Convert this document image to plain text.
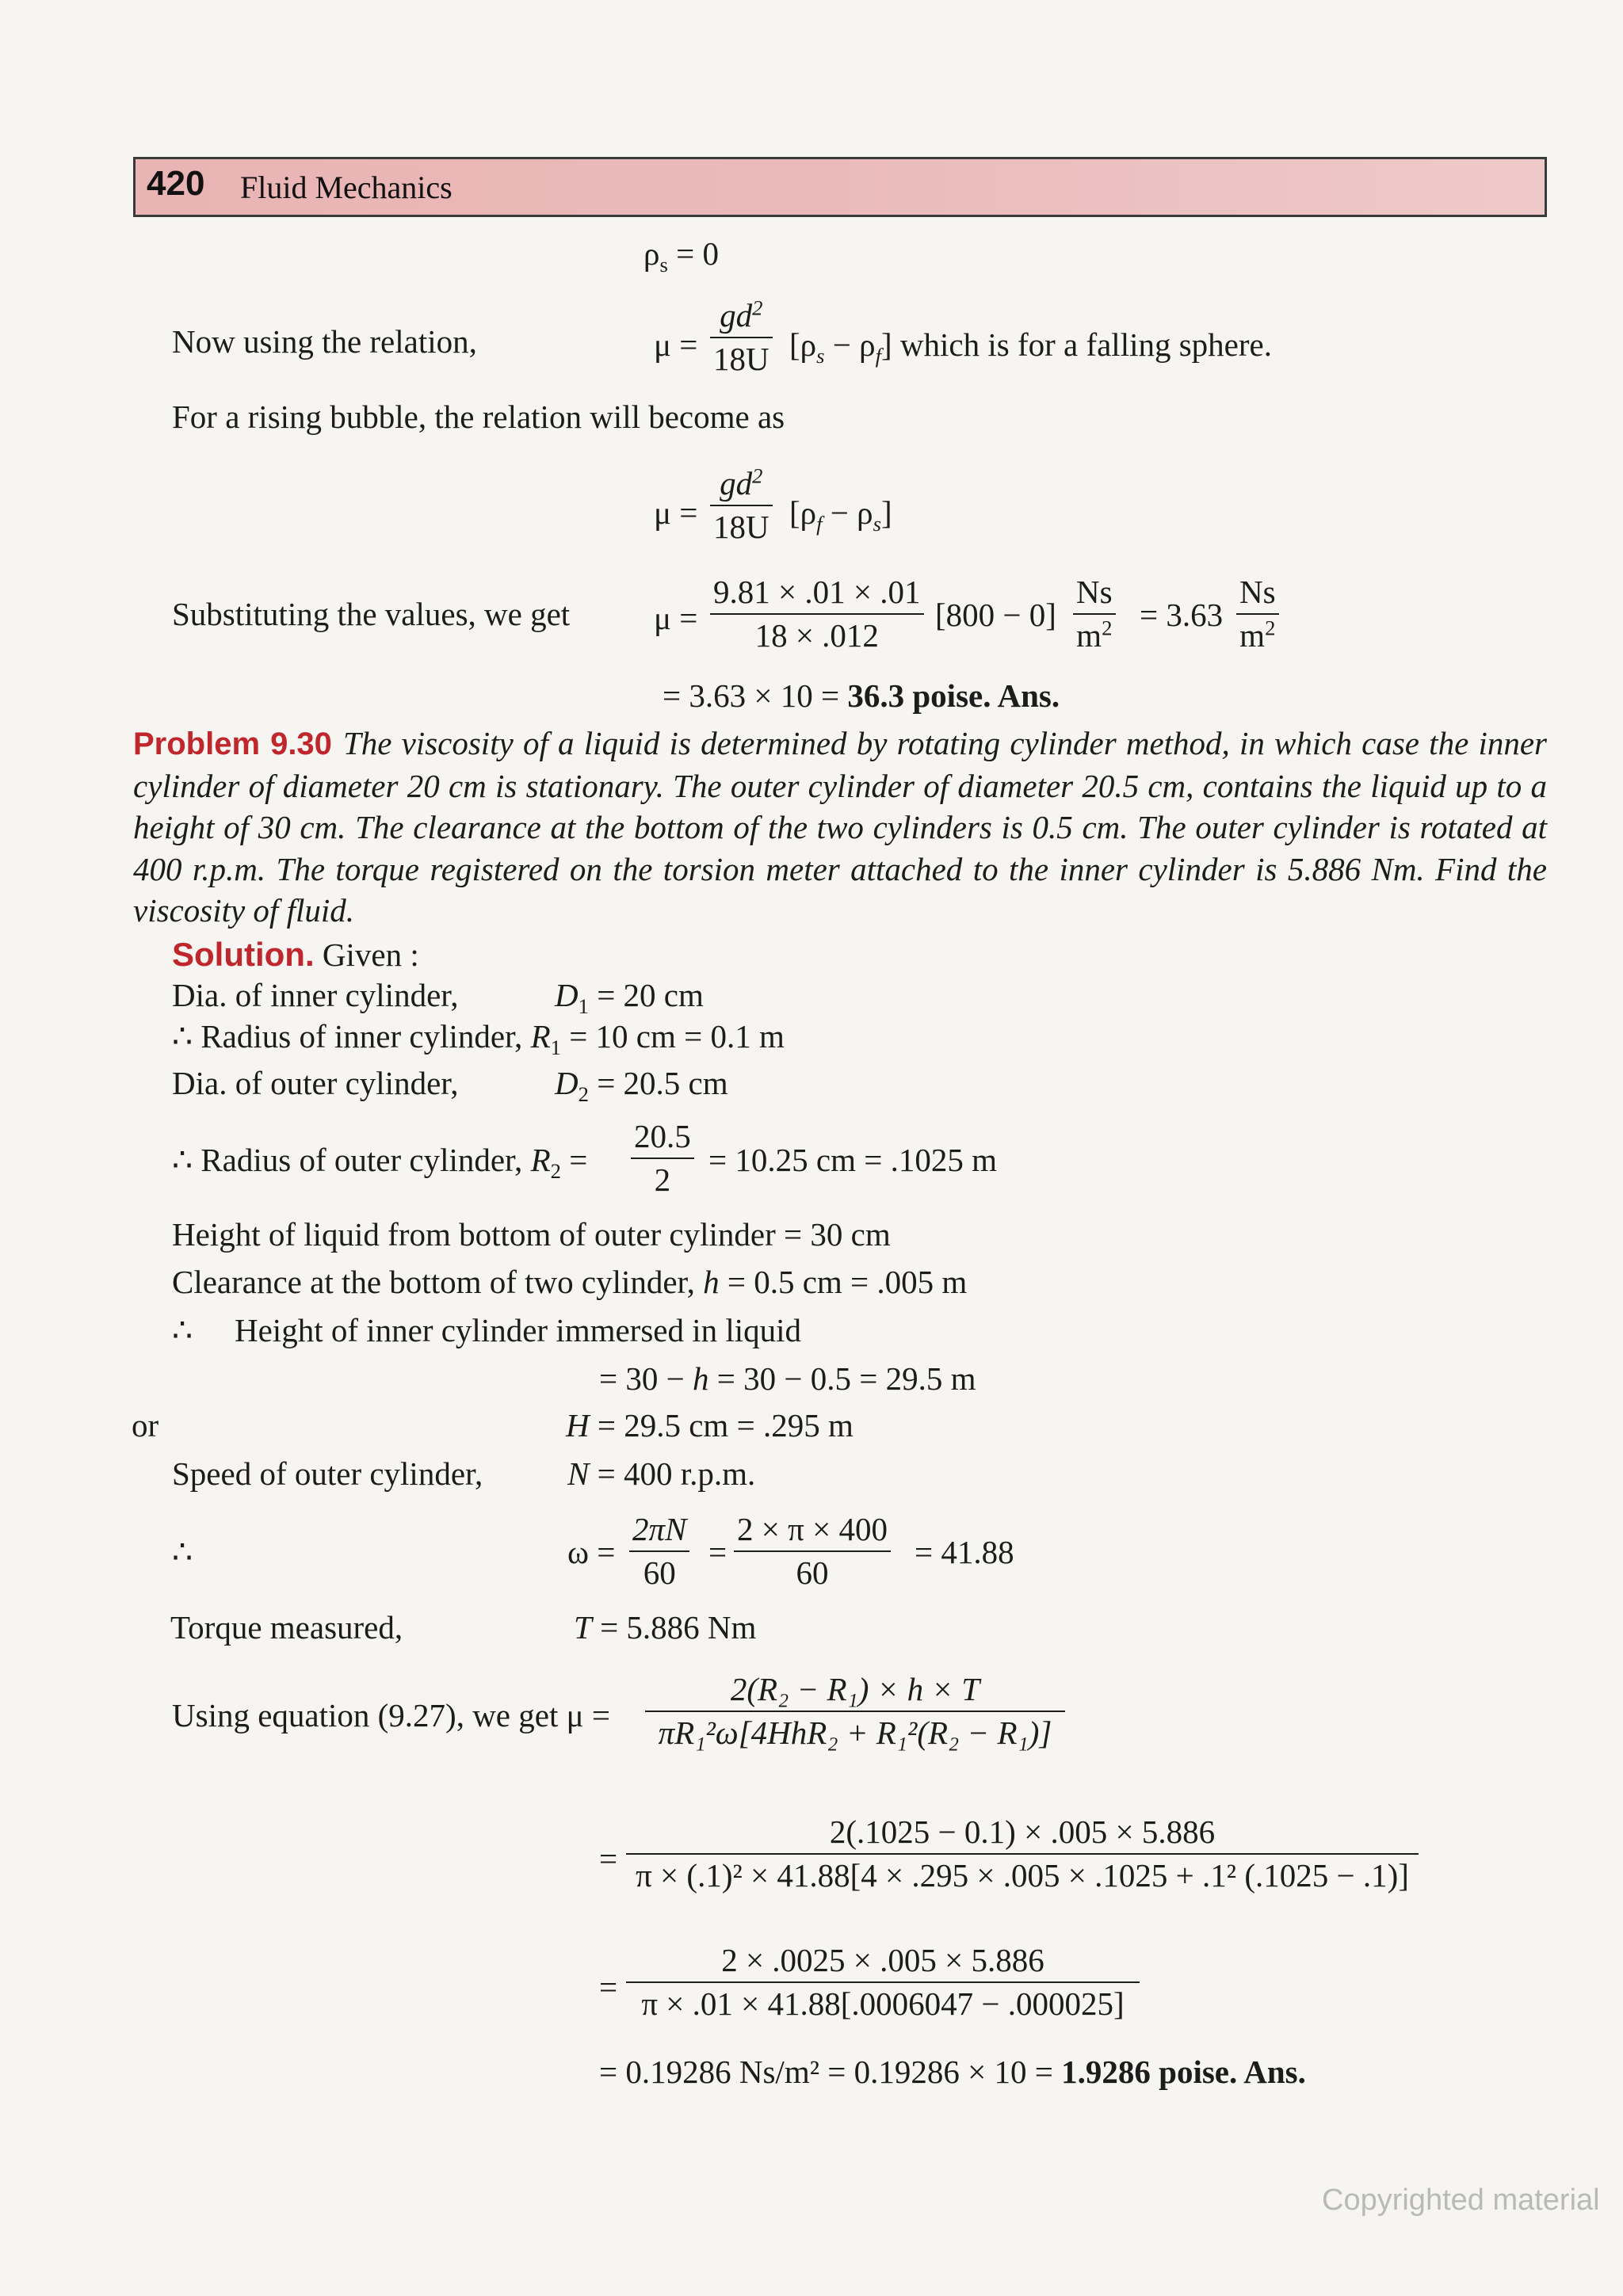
420 Fluid Mechanics
$\rho_s = 0$
Now using the relation,	$\mu = \frac{gd^2}{18U} [\rho_s - \rho_f]$ which is for a falling sphere.
For a rising bubble, the relation will become as
$\mu = \frac{gd^2}{18U} [\rho_f - \rho_s]$
Substituting the values, we get	$\mu = \frac{9.81 \times .01 \times .01}{18 \times .012} [800 - 0] \frac{Ns}{m^2} = 3.63 \frac{Ns}{m^2}$
= 3.63 × 10 = 36.3 poise. Ans.
Problem 9.30 The viscosity of a liquid is determined by rotating cylinder method, in which case the inner cylinder of diameter 20 cm is stationary. The outer cylinder of diameter 20.5 cm, contains the liquid up to a height of 30 cm. The clearance at the bottom of the two cylinders is 0.5 cm. The outer cylinder is rotated at 400 r.p.m. The torque registered on the torsion meter attached to the inner cylinder is 5.886 Nm. Find the viscosity of fluid.
Solution. Given :
Dia. of inner cylinder,	$D_1 = 20$ cm
∴ Radius of inner cylinder, $R_1 = 10$ cm = 0.1 m
Dia. of outer cylinder,	$D_2 = 20.5$ cm
∴ Radius of outer cylinder, $R_2 = \frac{20.5}{2} = 10.25$ cm = .1025 m
Height of liquid from bottom of outer cylinder = 30 cm
Clearance at the bottom of two cylinder, h = 0.5 cm = .005 m
∴ Height of inner cylinder immersed in liquid
= 30 − h = 30 − 0.5 = 29.5 m
or	H = 29.5 cm = .295 m
Speed of outer cylinder,	N = 400 r.p.m.
∴	$\omega = \frac{2\pi N}{60} = \frac{2 \times \pi \times 400}{60} = 41.88$
Torque measured,	T = 5.886 Nm
Using equation (9.27), we get μ =
2(R₂ − R₁) × h × T
πR₁²ω[4HhR₂ + R₁²(R₂ − R₁)]
=
2(.1025 − 0.1) × .005 × 5.886
π × (.1)² × 41.88[4 × .295 × .005 × .1025 + .1² (.1025 − .1)]
= $\frac{2 \times .0025 \times .005 \times 5.886}{\pi \times .01 \times 41.88[.0006047 - .000025]}$
= 0.19286 Ns/m² = 0.19286 × 10 = 1.9286 poise. Ans.
Copyrighted material
